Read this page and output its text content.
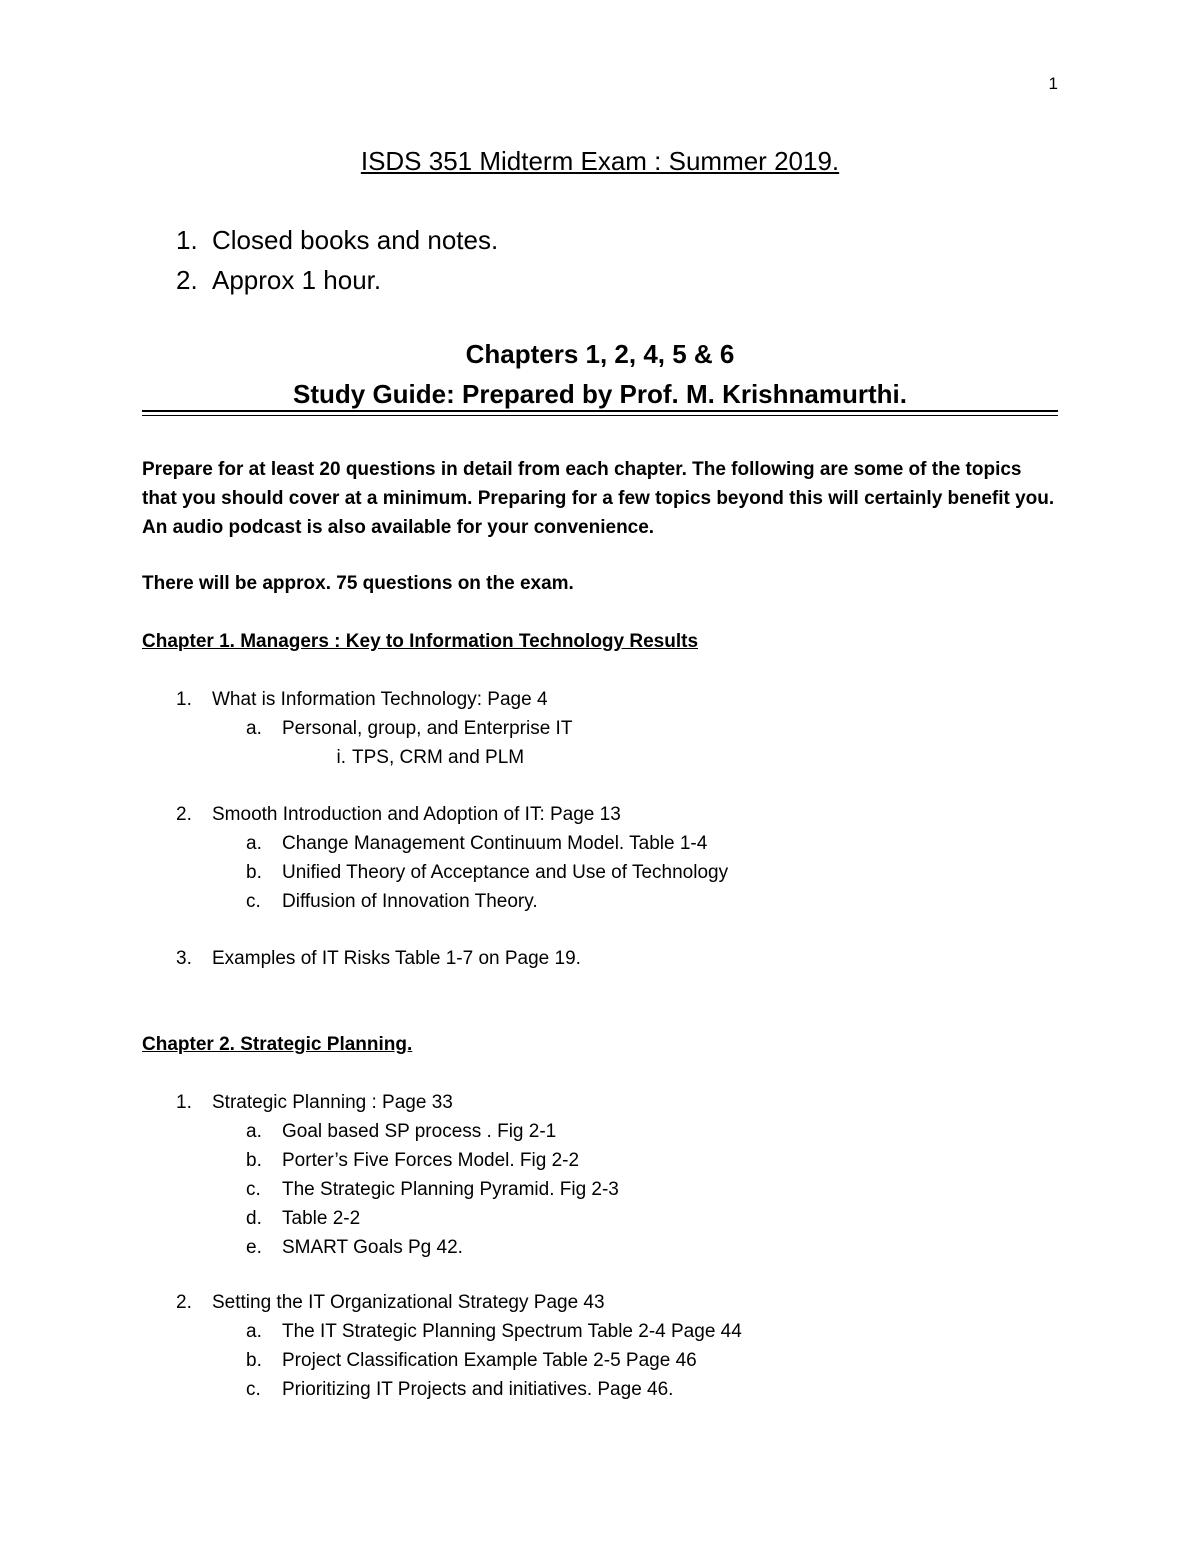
1
ISDS 351 Midterm Exam : Summer 2019.
1. Closed books and notes.
2. Approx 1 hour.
Chapters 1, 2, 4, 5 & 6
Study Guide: Prepared by Prof. M. Krishnamurthi.

Prepare for at least 20 questions in detail from each chapter. The following are some of the topics that you should cover at a minimum. Preparing for a few topics beyond this will certainly benefit you. An audio podcast is also available for your convenience.

There will be approx. 75 questions on the exam.

Chapter 1. Managers : Key to Information Technology Results

1.	What is Information Technology: Page 4
a.	Personal, group, and Enterprise IT
i. TPS, CRM and PLM
2.	Smooth Introduction and Adoption of IT: Page 13
a.	Change Management Continuum Model. Table 1-4
b.	Unified Theory of Acceptance and Use of Technology
c.	Diffusion of Innovation Theory.
3.	Examples of IT Risks Table 1-7 on Page 19.

Chapter 2. Strategic Planning.

1.	Strategic Planning : Page 33
a.	Goal based SP process . Fig 2-1
b.	Porter’s Five Forces Model. Fig 2-2
c.	The Strategic Planning Pyramid. Fig 2-3
d.	Table 2-2
e.	SMART Goals Pg 42.
2.	Setting the IT Organizational Strategy Page 43
a.	The IT Strategic Planning Spectrum Table 2-4 Page 44
b.	Project Classification Example Table 2-5 Page 46
c.	Prioritizing IT Projects and initiatives. Page 46.
